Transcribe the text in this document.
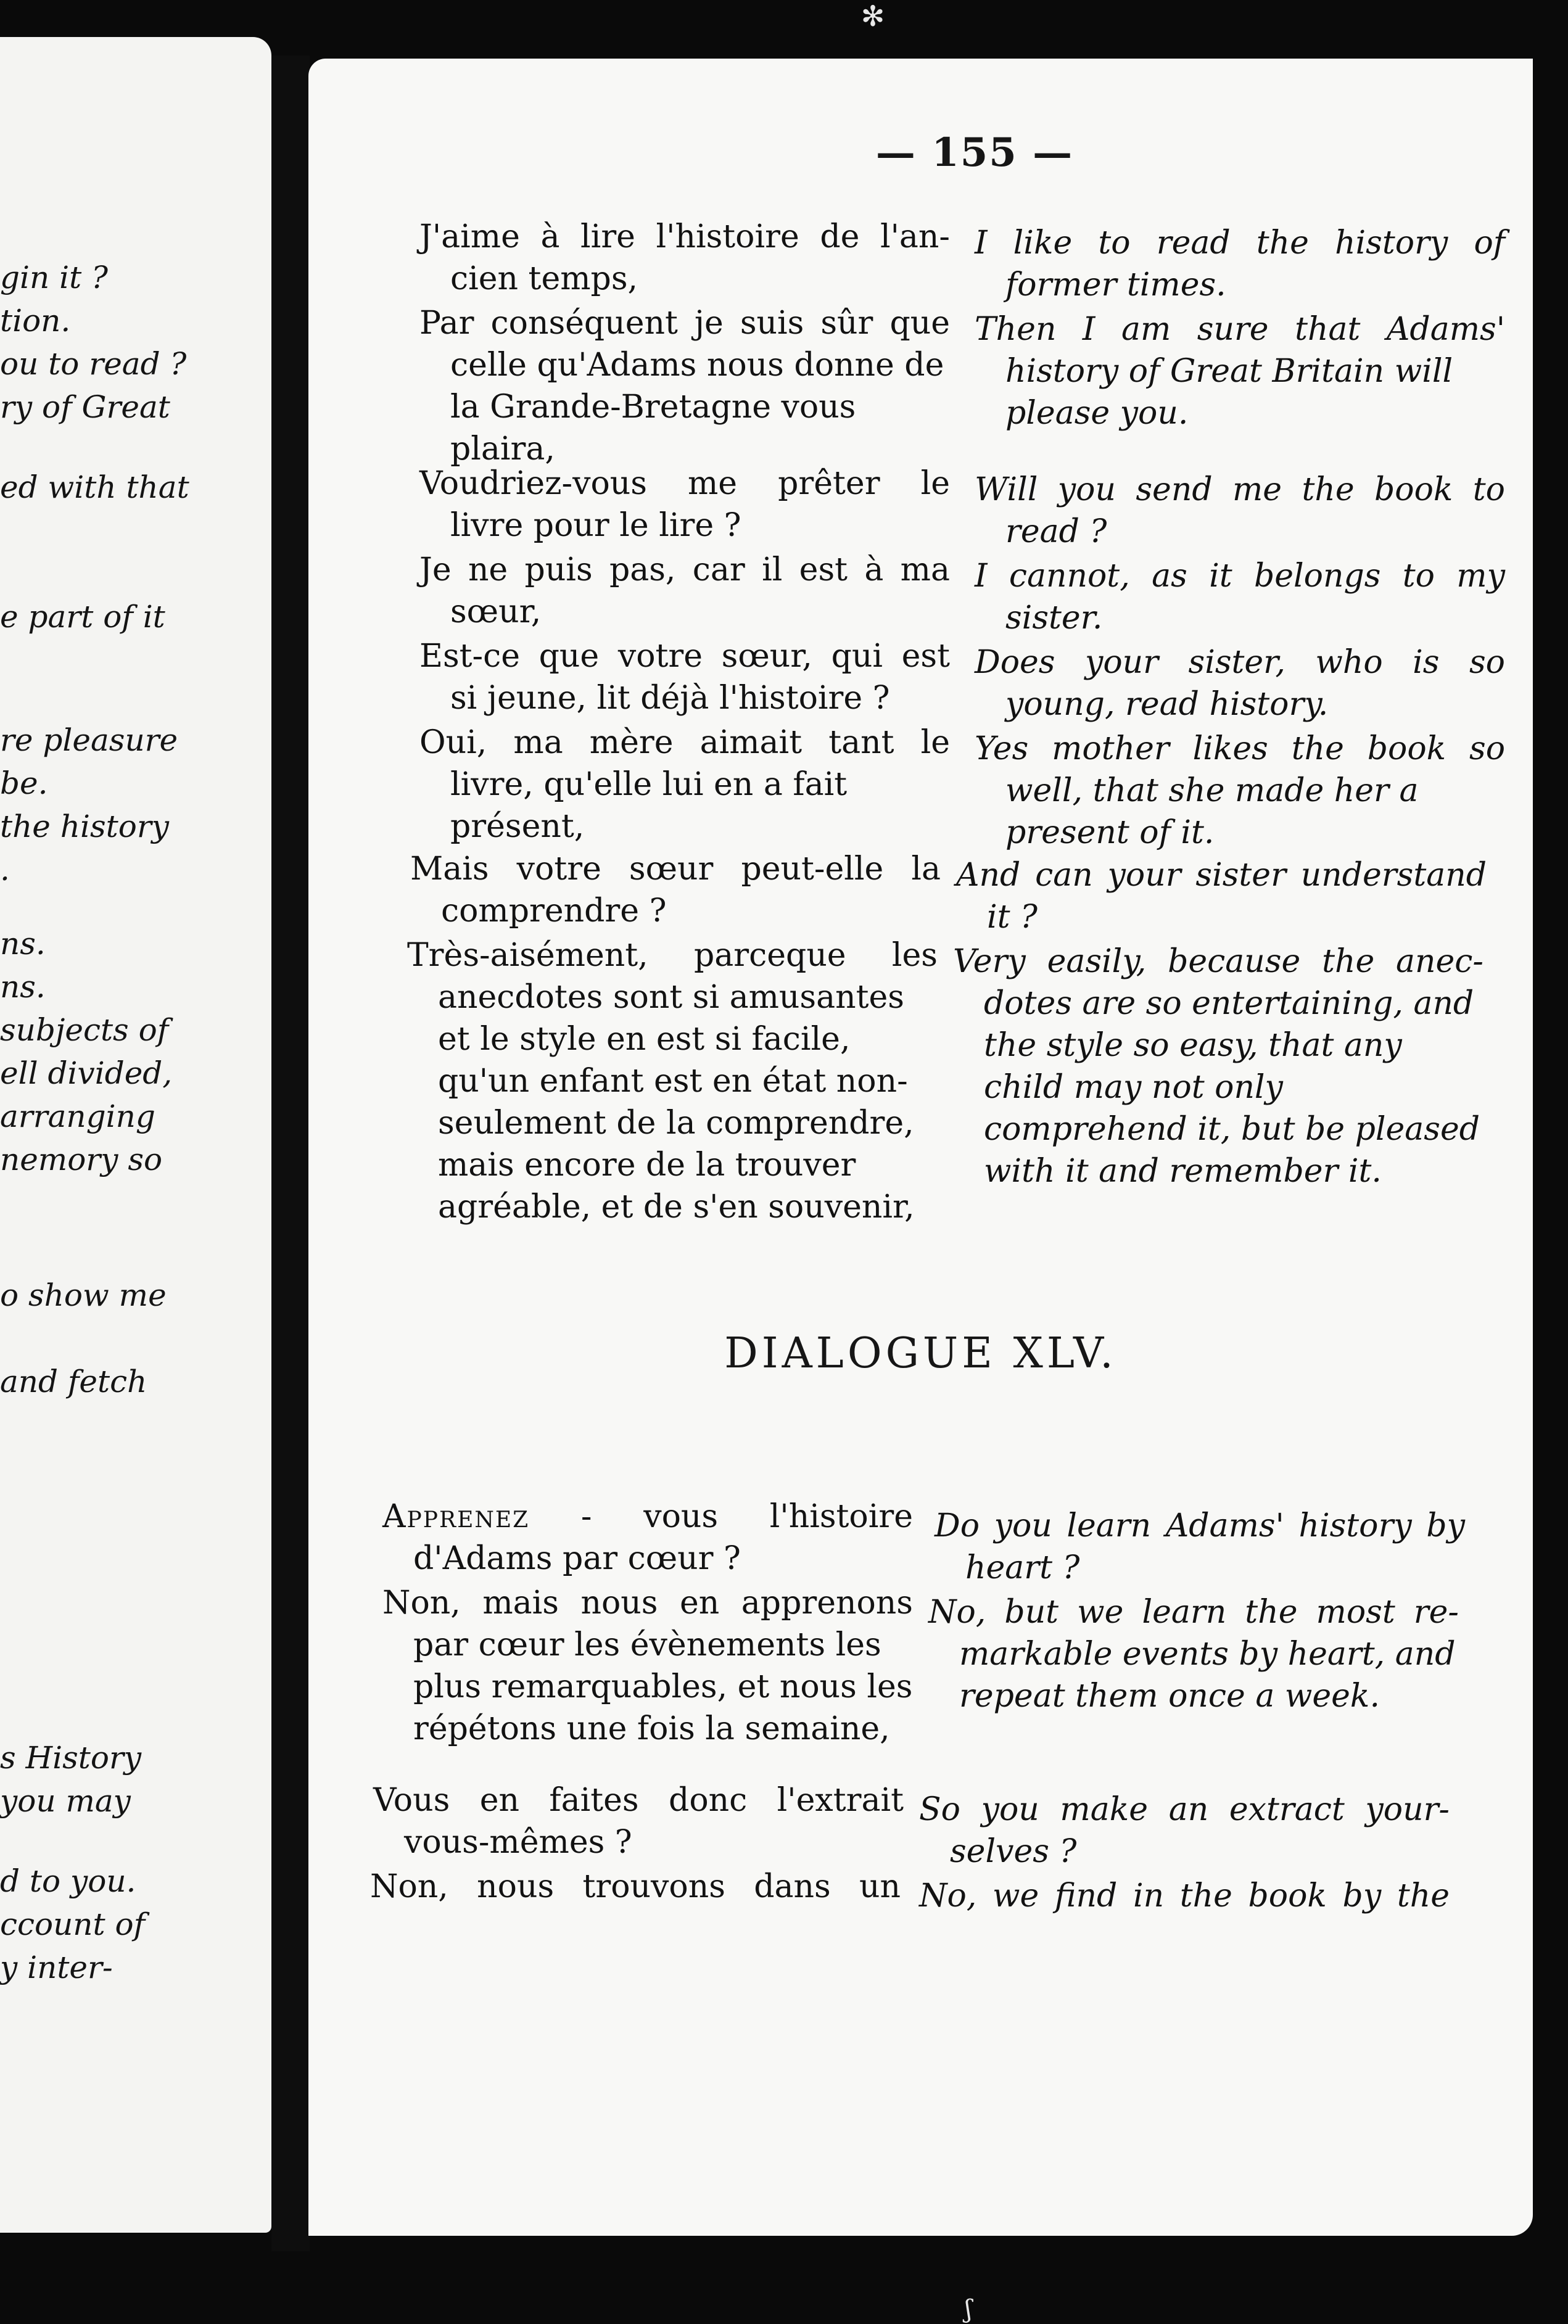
✻
gin it ?
tion.
ou to read ?
ry of Great
ed with that
e part of it
re pleasure
be.
the history
.
ns.
ns.
subjects of
ell divided,
arranging
nemory so
o show me
and fetch
s History
you may
d to you.
ccount of
y inter-
— 155 —
J'aime à lire l'histoire de l'an-
cien temps,
I like to read the history of
former times.
Par conséquent je suis sûr que
celle qu'Adams nous donne de la Grande-Bretagne vous plaira,
Then I am sure that Adams'
history of Great Britain will please you.
Voudriez-vous me prêter le
livre pour le lire ?
Will you send me the book to
read ?
Je ne puis pas, car il est à ma
sœur,
I cannot, as it belongs to my
sister.
Est-ce que votre sœur, qui est
si jeune, lit déjà l'histoire ?
Does your sister, who is so
young, read history.
Oui, ma mère aimait tant le
livre, qu'elle lui en a fait présent,
Yes mother likes the book so
well, that she made her a present of it.
Mais votre sœur peut-elle la
comprendre ?
And can your sister understand
it ?
Très-aisément, parceque les
anecdotes sont si amusantes et le style en est si facile, qu'un enfant est en état non-seulement de la comprendre, mais encore de la trouver agréable, et de s'en souvenir,
Very easily, because the anec-
dotes are so entertaining, and the style so easy, that any child may not only comprehend it, but be pleased with it and remember it.
DIALOGUE XLV.
Apprenez - vous l'histoire
d'Adams par cœur ?
Do you learn Adams' history by
heart ?
Non, mais nous en apprenons
par cœur les évènements les plus remarquables, et nous les répétons une fois la semaine,
No, but we learn the most re-
markable events by heart, and repeat them once a week.
Vous en faites donc l'extrait
vous-mêmes ?
So you make an extract your-
selves ?
Non, nous trouvons dans un No, we find in the book by the
ʃ
